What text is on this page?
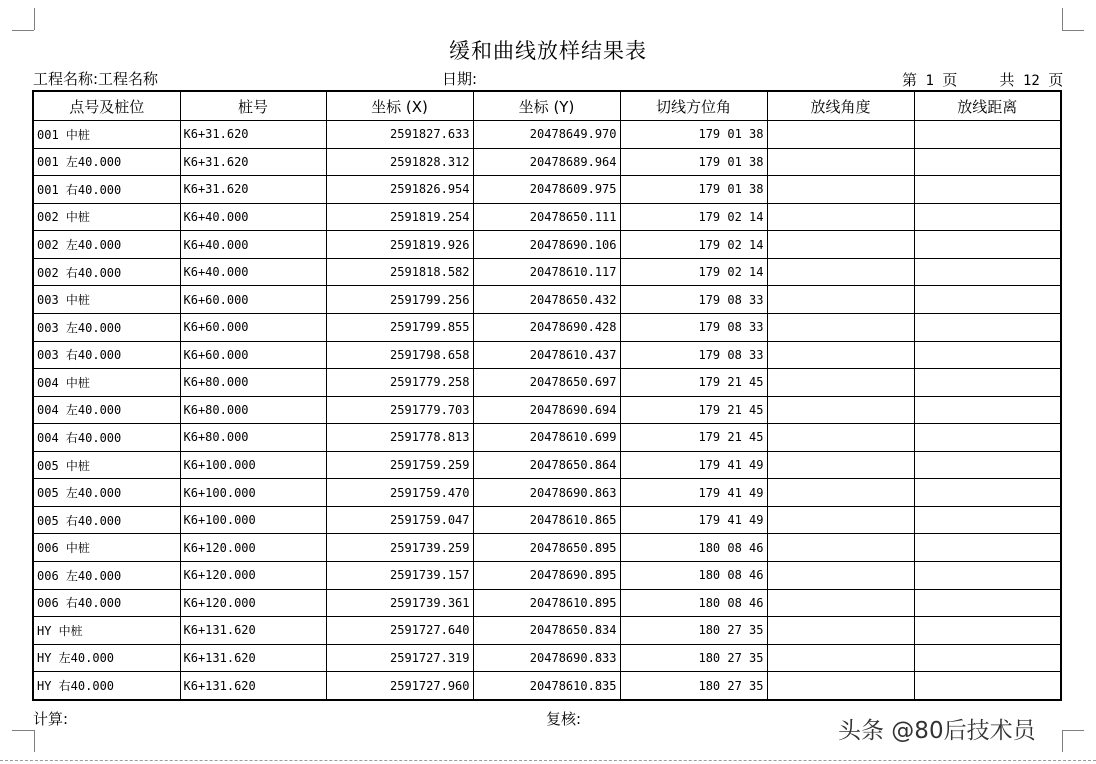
缓和曲线放样结果表
工程名称:工程名称	日期:	第 1 页	共 12 页
点号及桩位	桩号	坐标 (X)	坐标 (Y)	切线方位角	放线角度	放线距离
001 中桩	K6+31.620	2591827.633	20478649.970	179 01 38		
001 左40.000	K6+31.620	2591828.312	20478689.964	179 01 38		
001 右40.000	K6+31.620	2591826.954	20478609.975	179 01 38		
002 中桩	K6+40.000	2591819.254	20478650.111	179 02 14		
002 左40.000	K6+40.000	2591819.926	20478690.106	179 02 14		
002 右40.000	K6+40.000	2591818.582	20478610.117	179 02 14		
003 中桩	K6+60.000	2591799.256	20478650.432	179 08 33		
003 左40.000	K6+60.000	2591799.855	20478690.428	179 08 33		
003 右40.000	K6+60.000	2591798.658	20478610.437	179 08 33		
004 中桩	K6+80.000	2591779.258	20478650.697	179 21 45		
004 左40.000	K6+80.000	2591779.703	20478690.694	179 21 45		
004 右40.000	K6+80.000	2591778.813	20478610.699	179 21 45		
005 中桩	K6+100.000	2591759.259	20478650.864	179 41 49		
005 左40.000	K6+100.000	2591759.470	20478690.863	179 41 49		
005 右40.000	K6+100.000	2591759.047	20478610.865	179 41 49		
006 中桩	K6+120.000	2591739.259	20478650.895	180 08 46		
006 左40.000	K6+120.000	2591739.157	20478690.895	180 08 46		
006 右40.000	K6+120.000	2591739.361	20478610.895	180 08 46		
HY 中桩	K6+131.620	2591727.640	20478650.834	180 27 35		
HY 左40.000	K6+131.620	2591727.319	20478690.833	180 27 35		
HY 右40.000	K6+131.620	2591727.960	20478610.835	180 27 35		
计算:	复核:	头条 @80后技术员
